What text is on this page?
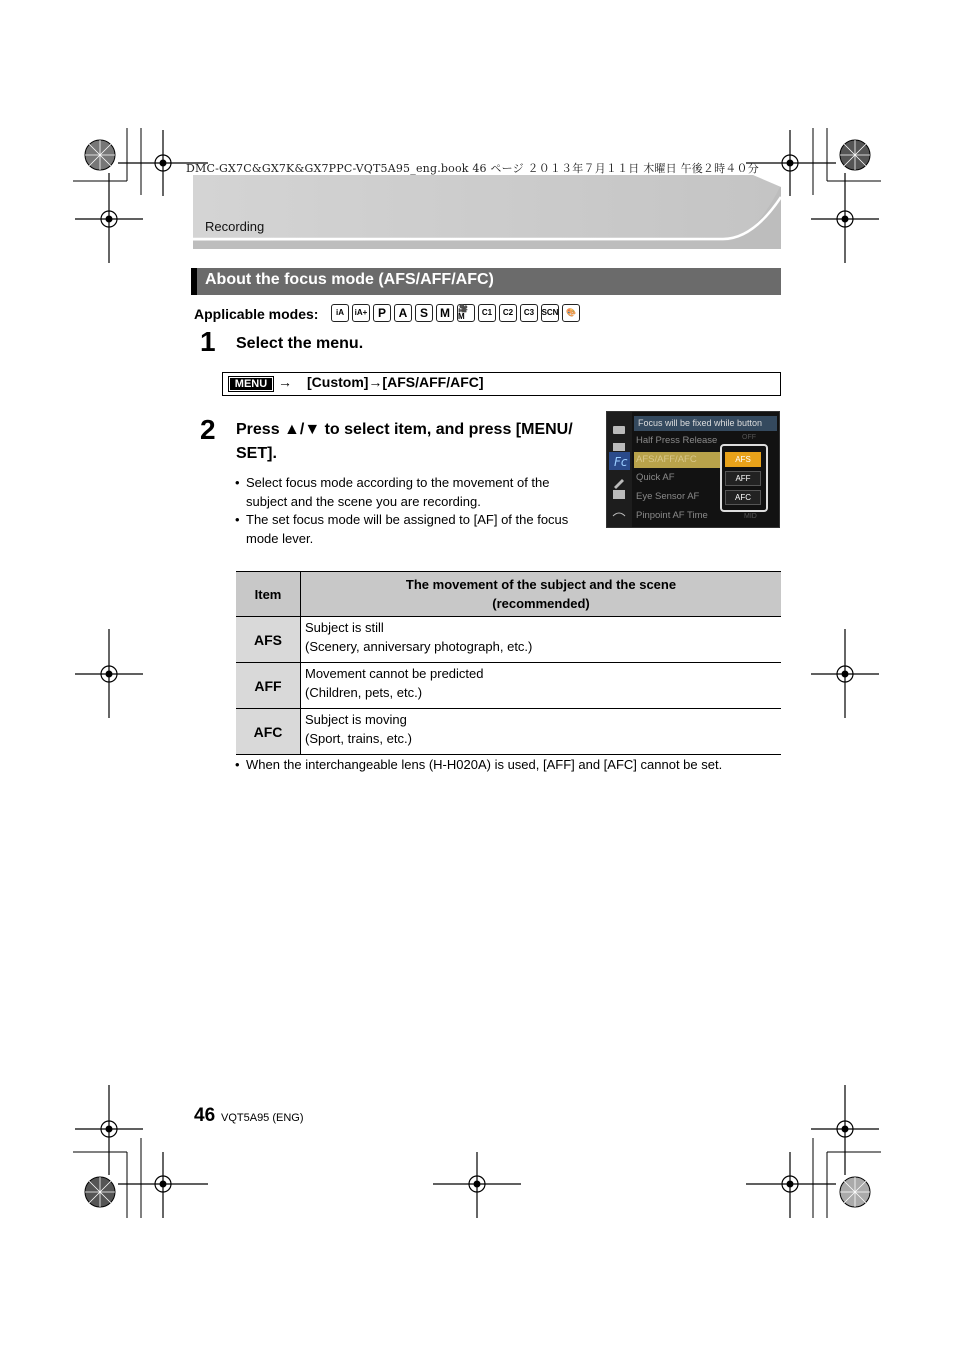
DMC-GX7C&GX7K&GX7PPC-VQT5A95_eng.book 46 ページ ２０１３年７月１１日 木曜日 午後２時４０分
Recording
About the focus mode (AFS/AFF/AFC)
Applicable modes:	iA	iA+ P	A	S	M	🎥M	C1	C2	C3 SCN 🎨
1 Select the menu.
MENU → [Custom]→[AFS/AFF/AFC]
2 Press ▲/▼ to select item, and press [MENU/
SET].
• Select focus mode according to the movement of the
subject and the scene you are recording.
• The set focus mode will be assigned to [AF] of the focus
mode lever.
Fc
Focus will be fixed while button
Half Press Release
AFS/AFF/AFC
Quick AF
Eye Sensor AF
Pinpoint AF Time
OFF
MID
AFS
AFF
AFC
Item	The movement of the subject and the scene
(recommended)

AFS	Subject is still
(Scenery, anniversary photograph, etc.)

AFF	Movement cannot be predicted
(Children, pets, etc.)

AFC	Subject is moving
(Sport, trains, etc.)
• When the interchangeable lens (H-H020A) is used, [AFF] and [AFC] cannot be set.
46 VQT5A95 (ENG)
